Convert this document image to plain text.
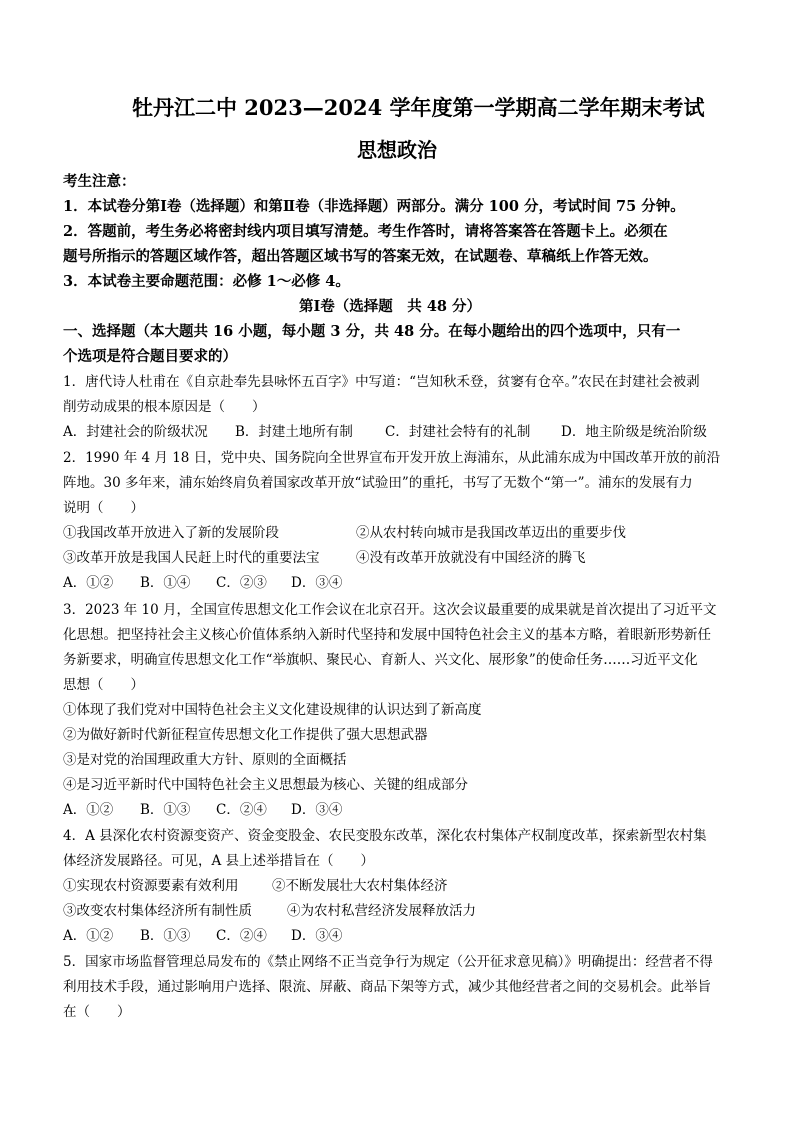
牡丹江二中 2023—2024 学年度第一学期高二学年期末考试
思想政治
考生注意：
1．本试卷分第Ⅰ卷（选择题）和第Ⅱ卷（非选择题）两部分。满分 100 分，考试时间 75 分钟。
2．答题前，考生务必将密封线内项目填写清楚。考生作答时，请将答案答在答题卡上。必须在
题号所指示的答题区域作答，超出答题区域书写的答案无效，在试题卷、草稿纸上作答无效。
3．本试卷主要命题范围：必修 1～必修 4。
第Ⅰ卷（选择题　共 48 分）
一、选择题（本大题共 16 小题，每小题 3 分，共 48 分。在每小题给出的四个选项中，只有一
个选项是符合题目要求的）
1．唐代诗人杜甫在《自京赴奉先县咏怀五百字》中写道：“岂知秋禾登，贫窭有仓卒。”农民在封建社会被剥
削劳动成果的根本原因是（　　）
A．封建社会的阶级状况 B．封建土地所有制 C．封建社会特有的礼制 D．地主阶级是统治阶级
2．1990 年 4 月 18 日，党中央、国务院向全世界宣布开发开放上海浦东，从此浦东成为中国改革开放的前沿
阵地。30 多年来，浦东始终肩负着国家改革开放“试验田”的重托，书写了无数个“第一”。浦东的发展有力
说明（　　）
①我国改革开放进入了新的发展阶段	②从农村转向城市是我国改革迈出的重要步伐
③改革开放是我国人民赶上时代的重要法宝	④没有改革开放就没有中国经济的腾飞
A．①② B．①④ C．②③ D．③④
3．2023 年 10 月，全国宣传思想文化工作会议在北京召开。这次会议最重要的成果就是首次提出了习近平文
化思想。把坚持社会主义核心价值体系纳入新时代坚持和发展中国特色社会主义的基本方略，着眼新形势新任
务新要求，明确宣传思想文化工作“举旗帜、聚民心、育新人、兴文化、展形象”的使命任务……习近平文化
思想（　　）
①体现了我们党对中国特色社会主义文化建设规律的认识达到了新高度
②为做好新时代新征程宣传思想文化工作提供了强大思想武器
③是对党的治国理政重大方针、原则的全面概括
④是习近平新时代中国特色社会主义思想最为核心、关键的组成部分
A．①② B．①③ C．②④ D．③④
4．A 县深化农村资源变资产、资金变股金、农民变股东改革，深化农村集体产权制度改革，探索新型农村集
体经济发展路径。可见，A 县上述举措旨在（　　）
①实现农村资源要素有效利用 ②不断发展壮大农村集体经济
③改变农村集体经济所有制性质	④为农村私营经济发展释放活力
A．①② B．①③ C．②④ D．③④
5．国家市场监督管理总局发布的《禁止网络不正当竞争行为规定（公开征求意见稿）》明确提出：经营者不得
利用技术手段，通过影响用户选择、限流、屏蔽、商品下架等方式，减少其他经营者之间的交易机会。此举旨
在（　　）
